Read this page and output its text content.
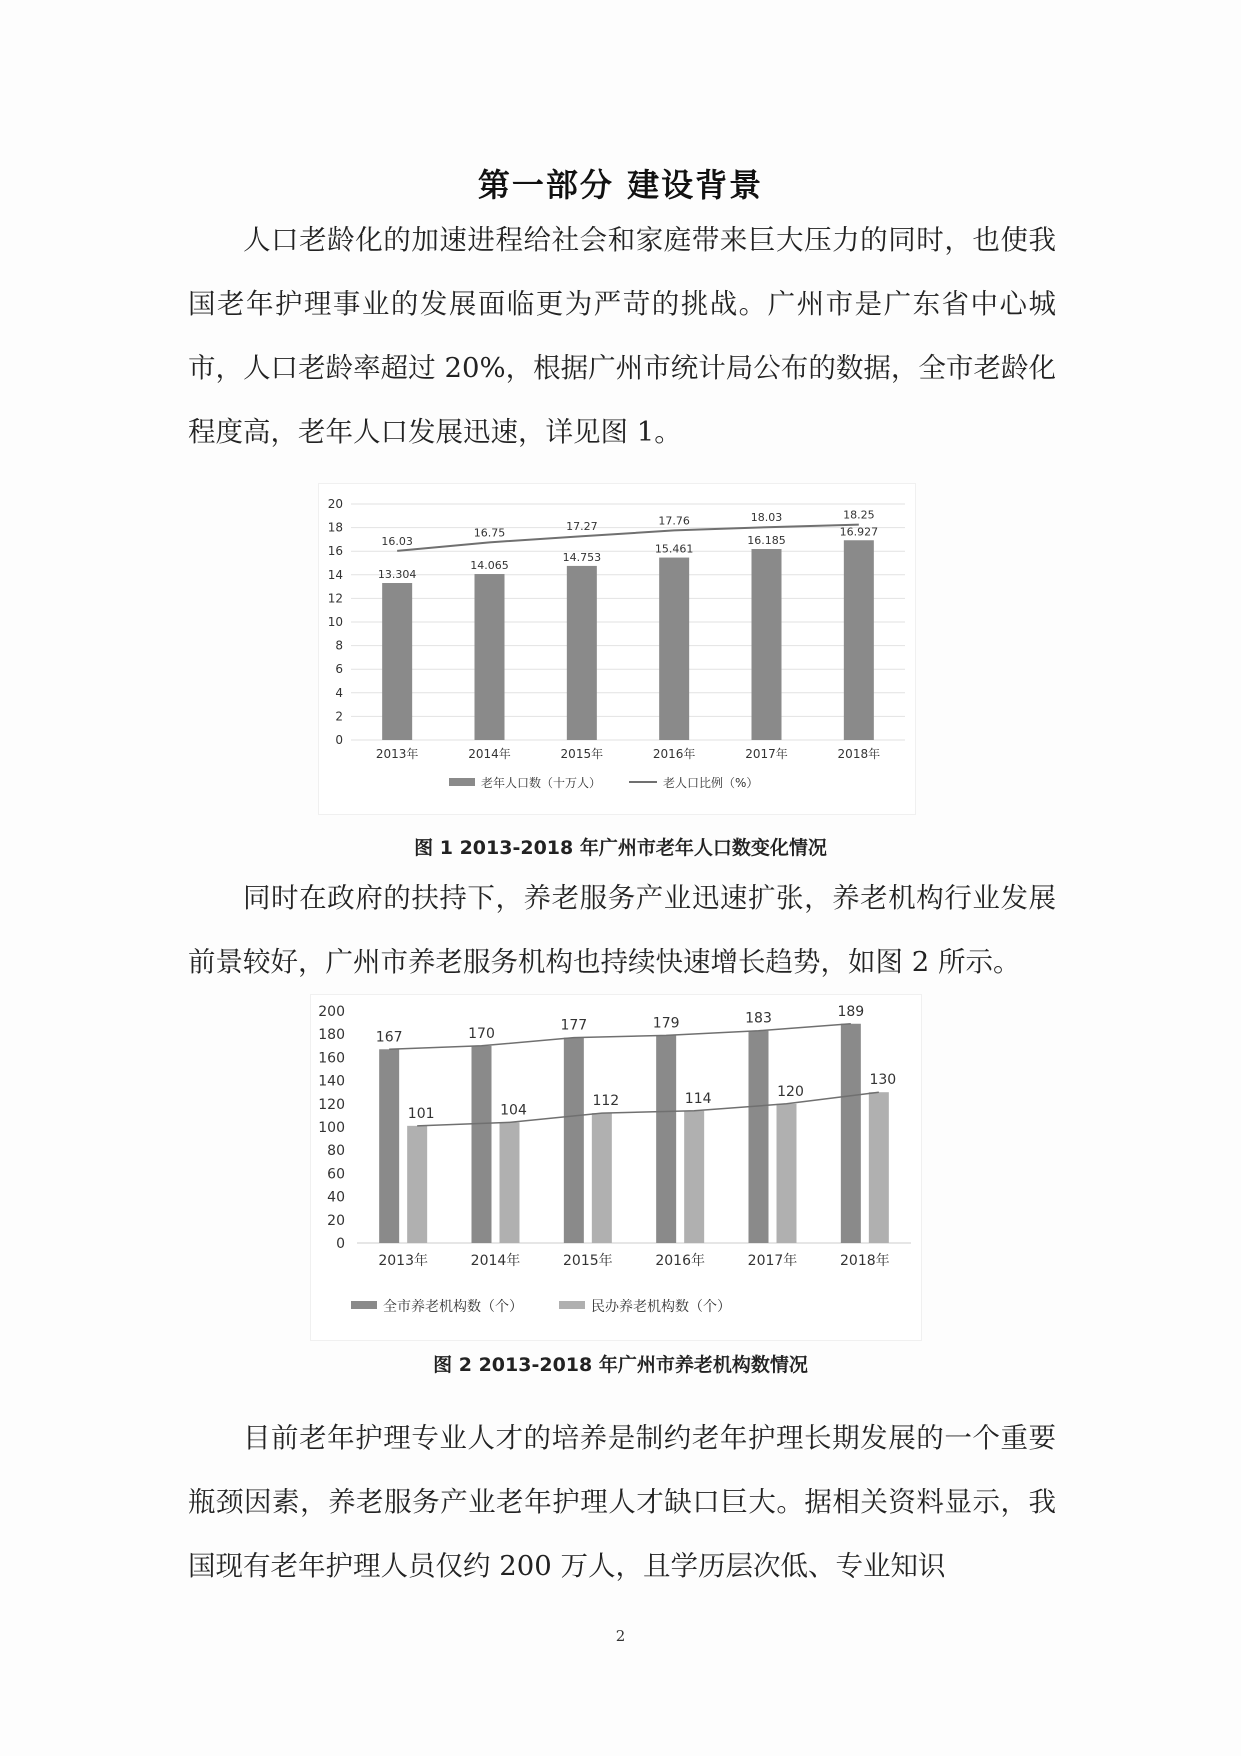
第一部分 建设背景

人口老龄化的加速进程给社会和家庭带来巨大压力的同时，也使我国老年护理事业的发展面临更为严苛的挑战。广州市是广东省中心城市，人口老龄率超过 20%，根据广州市统计局公布的数据，全市老龄化程度高，老年人口发展迅速，详见图 1。

0
2
4
6
8
10
12
14
16
18
20
13.304
2013年
16.03
14.065
2014年
16.75
14.753
2015年
17.27
15.461
2016年
17.76
16.185
2017年
18.03
16.927
2018年
18.25
老年人口数（十万人）	老人口比例（%）
图 1 2013-2018 年广州市老年人口数变化情况

同时在政府的扶持下，养老服务产业迅速扩张，养老机构行业发展前景较好，广州市养老服务机构也持续快速增长趋势，如图 2 所示。

0
20
40
60
80
100
120
140
160
180
200
167
101
2013年
170
104
2014年
177
112
2015年
179
114
2016年
183
120
2017年
189
130
2018年
全市养老机构数（个）	民办养老机构数（个）
图 2 2013-2018 年广州市养老机构数情况

目前老年护理专业人才的培养是制约老年护理长期发展的一个重要瓶颈因素，养老服务产业老年护理人才缺口巨大。据相关资料显示，我国现有老年护理人员仅约 200 万人，且学历层次低、专业知识

2
